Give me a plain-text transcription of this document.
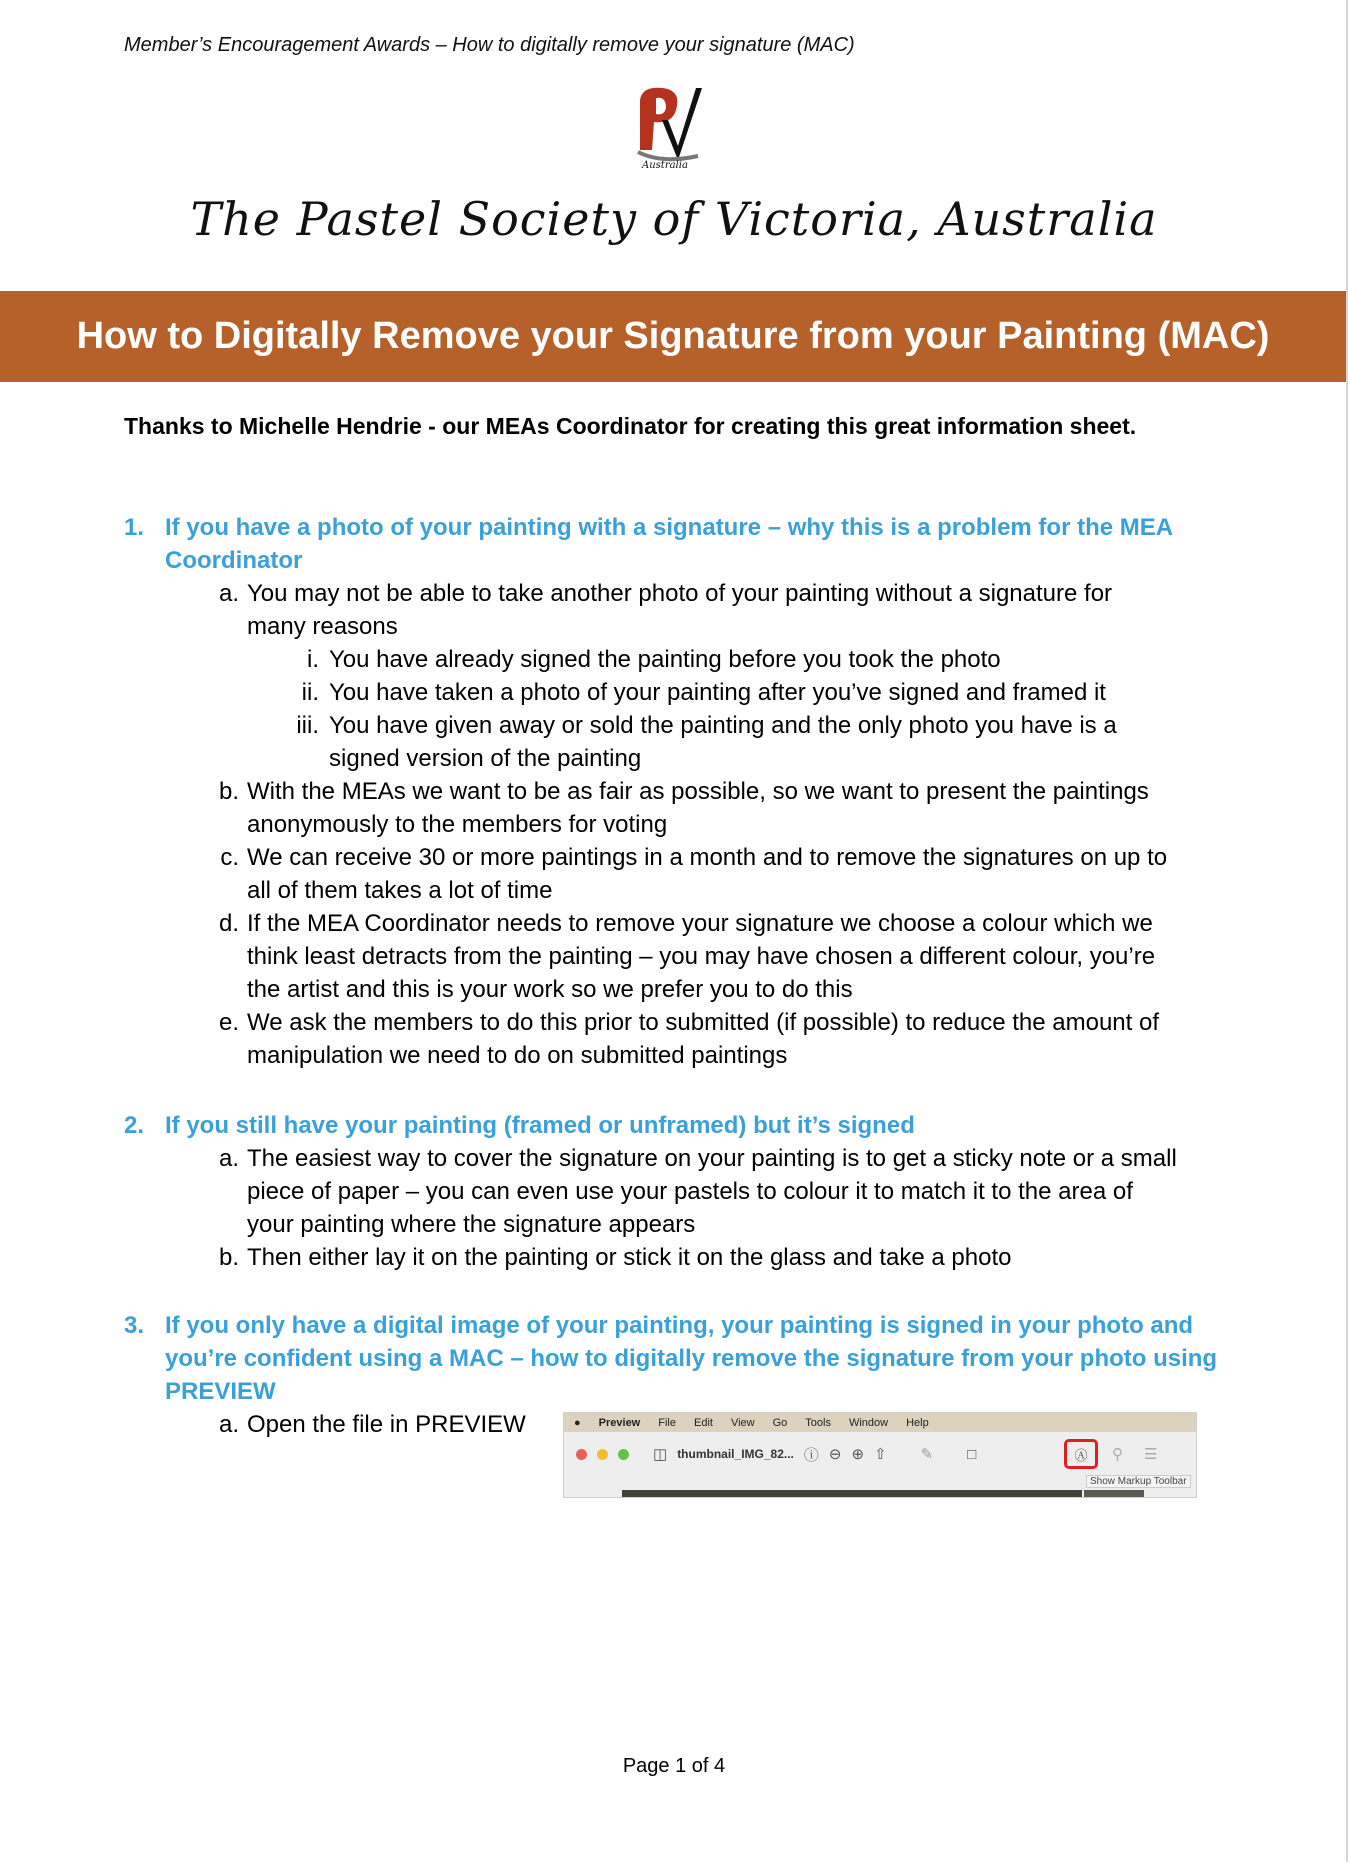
Member’s Encouragement Awards – How to digitally remove your signature (MAC)
Australia
The Pastel Society of Victoria, Australia
How to Digitally Remove your Signature from your Painting (MAC)
Thanks to Michelle Hendrie - our MEAs Coordinator for creating this great information sheet.
1. If you have a photo of your painting with a signature – why this is a problem for the MEA
Coordinator
a. You may not be able to take another photo of your painting without a signature for
many reasons
i. You have already signed the painting before you took the photo
ii. You have taken a photo of your painting after you’ve signed and framed it
iii. You have given away or sold the painting and the only photo you have is a
signed version of the painting
b. With the MEAs we want to be as fair as possible, so we want to present the paintings
anonymously to the members for voting
c. We can receive 30 or more paintings in a month and to remove the signatures on up to
all of them takes a lot of time
d. If the MEA Coordinator needs to remove your signature we choose a colour which we
think least detracts from the painting – you may have chosen a different colour, you’re
the artist and this is your work so we prefer you to do this
e. We ask the members to do this prior to submitted (if possible) to reduce the amount of
manipulation we need to do on submitted paintings
2. If you still have your painting (framed or unframed) but it’s signed
a. The easiest way to cover the signature on your painting is to get a sticky note or a small
piece of paper – you can even use your pastels to colour it to match it to the area of
your painting where the signature appears
b. Then either lay it on the painting or stick it on the glass and take a photo
3. If you only have a digital image of your painting, your painting is signed in your photo and
you’re confident using a MAC – how to digitally remove the signature from your photo using
PREVIEW
a. Open the file in PREVIEW	● Preview File Edit View Go Tools Window Help
◫ thumbnail_IMG_82... ⓘ ⊖ ⊕ ⇧ ✎ □	Ⓐ	⚲ ☰
Show Markup Toolbar
Page 1 of 4
